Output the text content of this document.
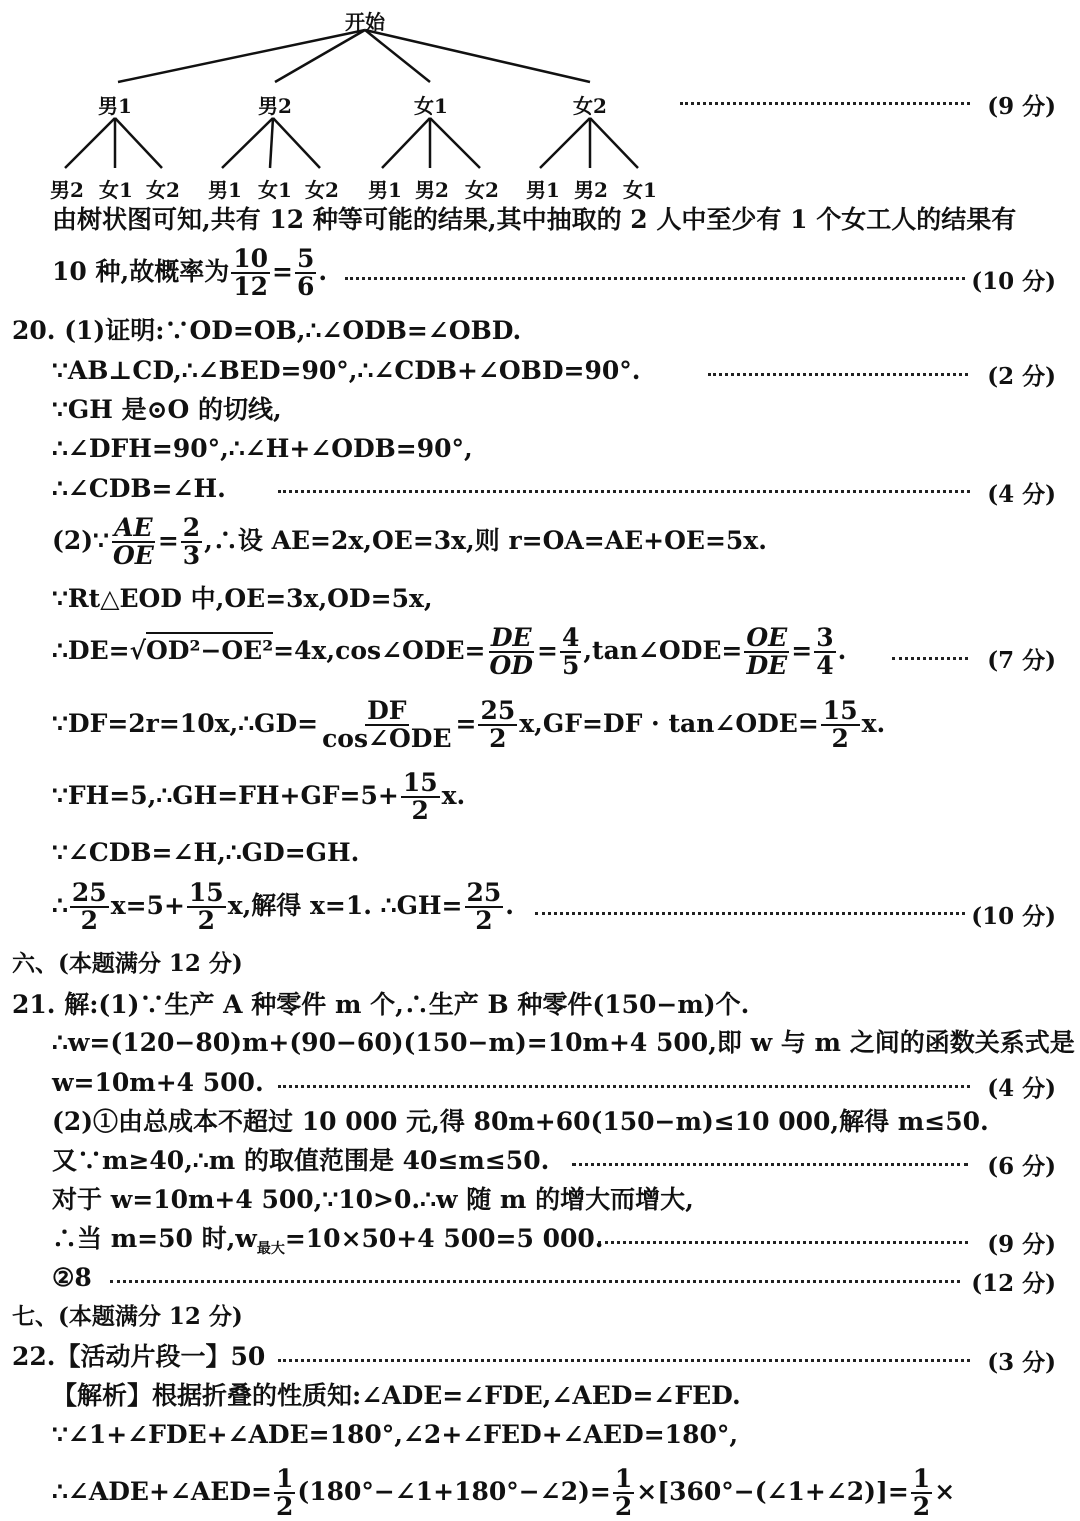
开始
男1	男2	女1	女2
男2 女1 女2 男1 女1 女2 男1 男2 女2 男1 男2 女1
(9 分)
由树状图可知,共有 12 种等可能的结果,其中抽取的 2 人中至少有 1 个女工人的结果有
10 种,故概率为 $\frac{10}{12} = \frac{5}{6}$ .	(10 分)
20. (1)证明:∵OD=OB,∴∠ODB=∠OBD.
∵AB⊥CD,∴∠BED=90°,∴∠CDB+∠OBD=90°.	(2 分)
∵GH 是⊙O 的切线,
∴∠DFH=90°,∴∠H+∠ODB=90°,
∴∠CDB=∠H.	(4 分)
(2)∵ $\frac{AE}{OE} = \frac{2}{3}$ ,∴设 AE=2x,OE=3x,则 r=OA=AE+OE=5x.
∵Rt△EOD 中,OE=3x,OD=5x,
∴DE=√OD²−OE²=4x,cos∠ODE= $\frac{DE}{OD} = \frac{4}{5}$ ,tan∠ODE= $\frac{OE}{DE} = \frac{3}{4}$ .	(7 分)
∵DF=2r=10x,∴GD= $\frac{DF}{\text{cos∠ODE}} = \frac{25}{2} x,GF=DF$ · tan∠ODE= $\frac{15}{2} x$.
∵FH=5,∴GH=FH+GF=5+ $\frac{15}{2} x$.
∵∠CDB=∠H,∴GD=GH.
∴ $\frac{25}{2} x=5+ \frac{15}{2} x$,解得 x=1. ∴GH= $\frac{25}{2}$ .	(10 分)
六、(本题满分 12 分)
21. 解:(1)∵生产 A 种零件 m 个,∴生产 B 种零件(150−m)个.
∴w=(120−80)m+(90−60)(150−m)=10m+4 500,即 w 与 m 之间的函数关系式是
w=10m+4 500.	(4 分)
(2)①由总成本不超过 10 000 元,得 80m+60(150−m)≤10 000,解得 m≤50.
又∵m≥40,∴m 的取值范围是 40≤m≤50.	(6 分)
对于 w=10m+4 500,∵10>0.∴w 随 m 的增大而增大,
∴当 m=50 时$,w_{最大}=10\times 50+4$ 500=5 000.	(9 分)
②8	(12 分)
七、(本题满分 12 分)
22.【活动片段一】50	(3 分)
【解析】根据折叠的性质知:∠ADE=∠FDE,∠AED=∠FED.
∵∠1+∠FDE+∠ADE=180°,∠2+∠FED+∠AED=180°,
∴∠ADE+∠AED= $\frac{1}{2}$ (180°−∠1+180°−∠2)= $\frac{1}{2}$ ×[360°−(∠1+∠2)]= $\frac{1}{2}$ ×
